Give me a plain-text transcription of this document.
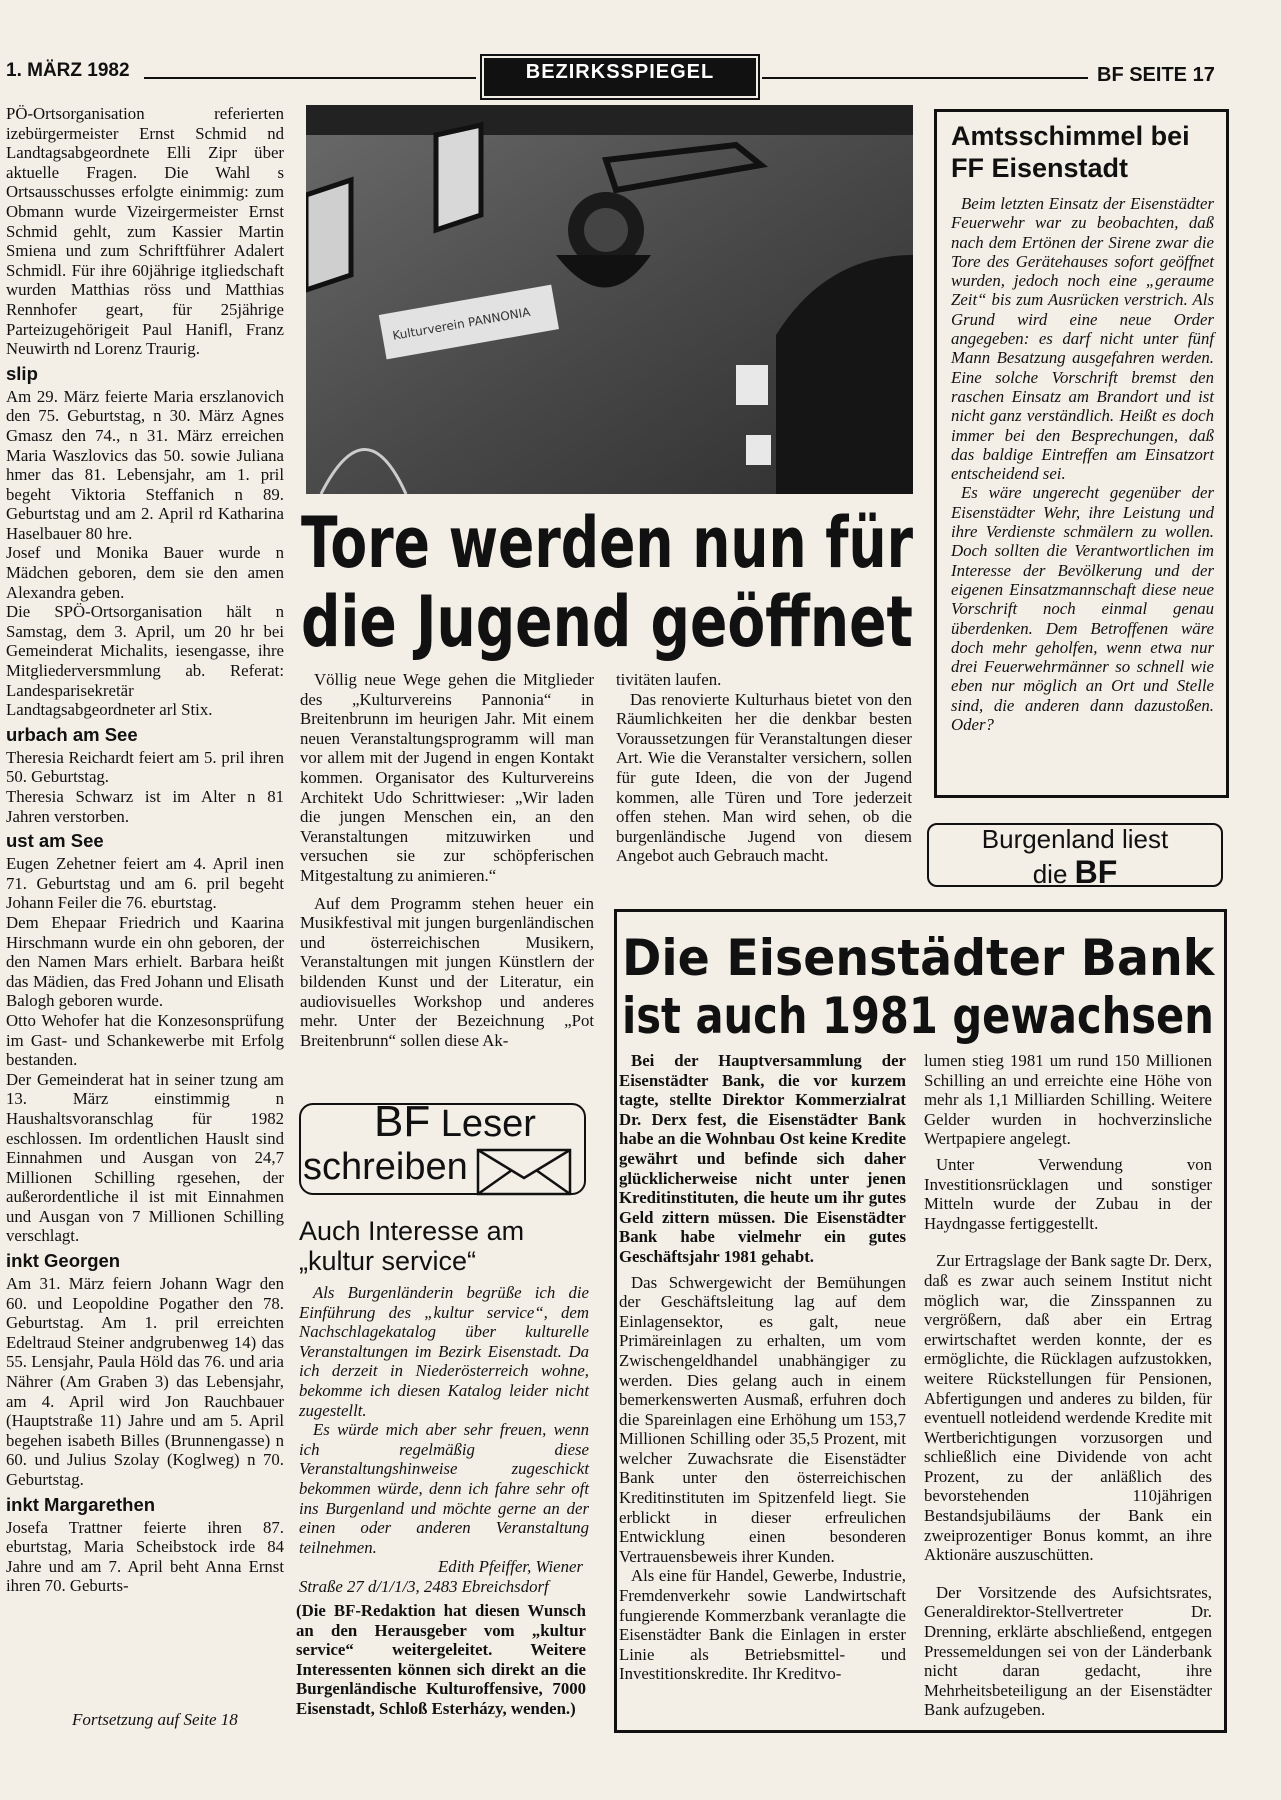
1. MÄRZ 1982	BEZIRKSSPIEGEL	BF SEITE 17

PÖ-Ortsorganisation referierten izebürgermeister Ernst Schmid nd Landtagsabgeordnete Elli Zipr über aktuelle Fragen. Die Wahl s Ortsausschusses erfolgte einimmig: zum Obmann wurde Vizeirgermeister Ernst Schmid gehlt, zum Kassier Martin Smiena und zum Schriftführer Adalert Schmidl. Für ihre 60jährige itgliedschaft wurden Matthias röss und Matthias Rennhofer geart, für 25jährige Parteizugehörigeit Paul Hanifl, Franz Neuwirth nd Lorenz Traurig.

slip

Am 29. März feierte Maria erszlanovich den 75. Geburtstag, n 30. März Agnes Gmasz den 74., n 31. März erreichen Maria Waszlovics das 50. sowie Juliana hmer das 81. Lebensjahr, am 1. pril begeht Viktoria Steffanich n 89. Geburtstag und am 2. April rd Katharina Haselbauer 80 hre.

Josef und Monika Bauer wurde n Mädchen geboren, dem sie den amen Alexandra geben.

Die SPÖ-Ortsorganisation hält n Samstag, dem 3. April, um 20 hr bei Gemeinderat Michalits, iesengasse, ihre Mitgliederversmmlung ab. Referat: Landesparisekretär Landtagsabgeordneter arl Stix.

urbach am See

Theresia Reichardt feiert am 5. pril ihren 50. Geburtstag.

Theresia Schwarz ist im Alter n 81 Jahren verstorben.

ust am See

Eugen Zehetner feiert am 4. April inen 71. Geburtstag und am 6. pril begeht Johann Feiler die 76. eburtstag.

Dem Ehepaar Friedrich und Kaarina Hirschmann wurde ein ohn geboren, der den Namen Mars erhielt. Barbara heißt das Mädien, das Fred Johann und Elisath Balogh geboren wurde.

Otto Wehofer hat die Konzesonsprüfung im Gast- und Schankewerbe mit Erfolg bestanden.

Der Gemeinderat hat in seiner tzung am 13. März einstimmig n Haushaltsvoranschlag für 1982 eschlossen. Im ordentlichen Hauslt sind Einnahmen und Ausgan von 24,7 Millionen Schilling rgesehen, der außerordentliche il ist mit Einnahmen und Ausgan von 7 Millionen Schilling verschlagt.

inkt Georgen

Am 31. März feiern Johann Wagr den 60. und Leopoldine Pogather den 78. Geburtstag. Am 1. pril erreichten Edeltraud Steiner andgrubenweg 14) das 55. Lensjahr, Paula Höld das 76. und aria Nährer (Am Graben 3) das Lebensjahr, am 4. April wird Jon Rauchbauer (Hauptstraße 11) Jahre und am 5. April begehen isabeth Billes (Brunnengasse) n 60. und Julius Szolay (Koglweg) n 70. Geburtstag.

inkt Margarethen

Josefa Trattner feierte ihren 87. eburtstag, Maria Scheibstock irde 84 Jahre und am 7. April beht Anna Ernst ihren 70. Geburts-

Fortsetzung auf Seite 18
Kulturverein PANNONIA
Tore werden nun für
die Jugend geöffnet

Völlig neue Wege gehen die Mitglieder des „Kulturvereins Pannonia“ in Breitenbrunn im heurigen Jahr. Mit einem neuen Veranstaltungsprogramm will man vor allem mit der Jugend in engen Kontakt kommen. Organisator des Kulturvereins Architekt Udo Schrittwieser: „Wir laden die jungen Menschen ein, an den Veranstaltungen mitzuwirken und versuchen sie zur schöpferischen Mitgestaltung zu animieren.“

Auf dem Programm stehen heuer ein Musikfestival mit jungen burgenländischen und österreichischen Musikern, Veranstaltungen mit jungen Künstlern der bildenden Kunst und der Literatur, ein audiovisuelles Workshop und anderes mehr. Unter der Bezeichnung „Pot Breitenbrunn“ sollen diese Ak-

tivitäten laufen.

Das renovierte Kulturhaus bietet von den Räumlichkeiten her die denkbar besten Voraussetzungen für Veranstaltungen dieser Art. Wie die Veranstalter versichern, sollen für gute Ideen, die von der Jugend kommen, alle Türen und Tore jederzeit offen stehen. Man wird sehen, ob die burgenländische Jugend von diesem Angebot auch Gebrauch macht.

Amtsschimmel bei FF Eisenstadt

Beim letzten Einsatz der Eisenstädter Feuerwehr war zu beobachten, daß nach dem Ertönen der Sirene zwar die Tore des Gerätehauses sofort geöffnet wurden, jedoch noch eine „geraume Zeit“ bis zum Ausrücken verstrich. Als Grund wird eine neue Order angegeben: es darf nicht unter fünf Mann Besatzung ausgefahren werden. Eine solche Vorschrift bremst den raschen Einsatz am Brandort und ist nicht ganz verständlich. Heißt es doch immer bei den Besprechungen, daß das baldige Eintreffen am Einsatzort entscheidend sei.

Es wäre ungerecht gegenüber der Eisenstädter Wehr, ihre Leistung und ihre Verdienste schmälern zu wollen. Doch sollten die Verantwortlichen im Interesse der Bevölkerung und der eigenen Einsatzmannschaft diese neue Vorschrift noch einmal genau überdenken. Dem Betroffenen wäre doch mehr geholfen, wenn etwa nur drei Feuerwehrmänner so schnell wie eben nur möglich an Ort und Stelle sind, die anderen dann dazustoßen. Oder?

Burgenland liest
die BF
BF Leser
schreiben
Auch Interesse am
„kultur service“

Als Burgenländerin begrüße ich die Einführung des „kultur service“, dem Nachschlagekatalog über kulturelle Veranstaltungen im Bezirk Eisenstadt. Da ich derzeit in Niederösterreich wohne, bekomme ich diesen Katalog leider nicht zugestellt.

Es würde mich aber sehr freuen, wenn ich regelmäßig diese Veranstaltungshinweise zugeschickt bekommen würde, denn ich fahre sehr oft ins Burgenland und möchte gerne an der einen oder anderen Veranstaltung teilnehmen.

Edith Pfeiffer, Wiener
Straße 27 d/1/1/3, 2483 Ebreichsdorf
(Die BF-Redaktion hat diesen Wunsch an den Herausgeber vom „kultur service“ weitergeleitet. Weitere Interessenten können sich direkt an die Burgenländische Kulturoffensive, 7000 Eisenstadt, Schloß Esterházy, wenden.)
Die Eisenstädter Bank
ist auch 1981 gewachsen
Bei der Hauptversammlung der Eisenstädter Bank, die vor kurzem tagte, stellte Direktor Kommerzialrat Dr. Derx fest, die Eisenstädter Bank habe an die Wohnbau Ost keine Kredite gewährt und befinde sich daher glücklicherweise nicht unter jenen Kreditinstituten, die heute um ihr gutes Geld zittern müssen. Die Eisenstädter Bank habe vielmehr ein gutes Geschäftsjahr 1981 gehabt.

Das Schwergewicht der Bemühungen der Geschäftsleitung lag auf dem Einlagensektor, es galt, neue Primäreinlagen zu erhalten, um vom Zwischengeldhandel unabhängiger zu werden. Dies gelang auch in einem bemerkenswerten Ausmaß, erfuhren doch die Spareinlagen eine Erhöhung um 153,7 Millionen Schilling oder 35,5 Prozent, mit welcher Zuwachsrate die Eisenstädter Bank unter den österreichischen Kreditinstituten im Spitzenfeld liegt. Sie erblickt in dieser erfreulichen Entwicklung einen besonderen Vertrauensbeweis ihrer Kunden.

Als eine für Handel, Gewerbe, Industrie, Fremdenverkehr sowie Landwirtschaft fungierende Kommerzbank veranlagte die Eisenstädter Bank die Einlagen in erster Linie als Betriebsmittel- und Investitionskredite. Ihr Kreditvo-

lumen stieg 1981 um rund 150 Millionen Schilling an und erreichte eine Höhe von mehr als 1,1 Milliarden Schilling. Weitere Gelder wurden in hochverzinsliche Wertpapiere angelegt.

Unter Verwendung von Investitionsrücklagen und sonstiger Mitteln wurde der Zubau in der Haydngasse fertiggestellt.

Zur Ertragslage der Bank sagte Dr. Derx, daß es zwar auch seinem Institut nicht möglich war, die Zinsspannen zu vergrößern, daß aber ein Ertrag erwirtschaftet werden konnte, der es ermöglichte, die Rücklagen aufzustokken, weitere Rückstellungen für Pensionen, Abfertigungen und anderes zu bilden, für eventuell notleidend werdende Kredite mit Wertberichtigungen vorzusorgen und schließlich eine Dividende von acht Prozent, zu der anläßlich des bevorstehenden 110jährigen Bestandsjubiläums der Bank ein zweiprozentiger Bonus kommt, an ihre Aktionäre auszuschütten.

Der Vorsitzende des Aufsichtsrates, Generaldirektor-Stellvertreter Dr. Drenning, erklärte abschließend, entgegen Pressemeldungen sei von der Länderbank nicht daran gedacht, ihre Mehrheitsbeteiligung an der Eisenstädter Bank aufzugeben.
